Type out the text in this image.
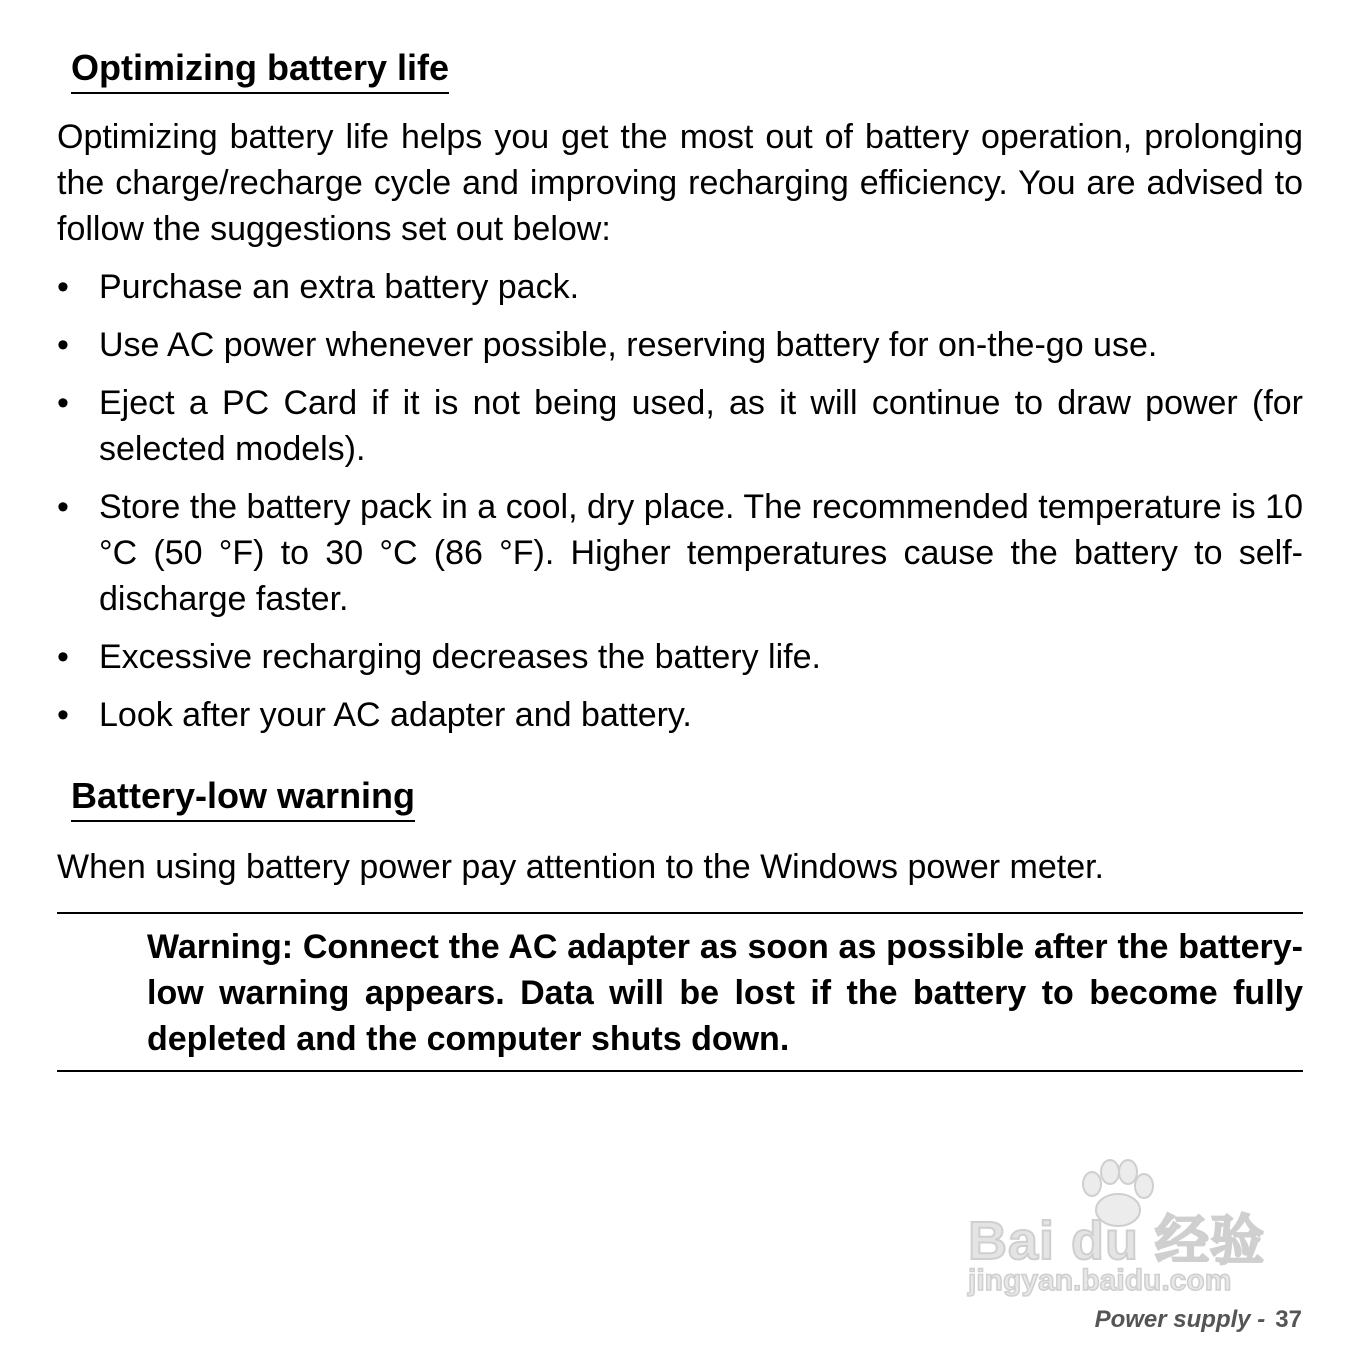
Optimizing battery life

Optimizing battery life helps you get the most out of battery operation, prolonging the charge/recharge cycle and improving recharging efficiency. You are advised to follow the suggestions set out below:

• Purchase an extra battery pack.
• Use AC power whenever possible, reserving battery for on-the-go use.
• Eject a PC Card if it is not being used, as it will continue to draw power (for selected models).
• Store the battery pack in a cool, dry place. The recommended temperature is 10 °C (50 °F) to 30 °C (86 °F). Higher temperatures cause the battery to self-discharge faster.
• Excessive recharging decreases the battery life.
• Look after your AC adapter and battery.
Battery-low warning

When using battery power pay attention to the Windows power meter.

Warning: Connect the AC adapter as soon as possible after the battery-low warning appears. Data will be lost if the battery to become fully depleted and the computer shuts down.
Bai du 经验
jingyan.baidu.com
Power supply - 37
